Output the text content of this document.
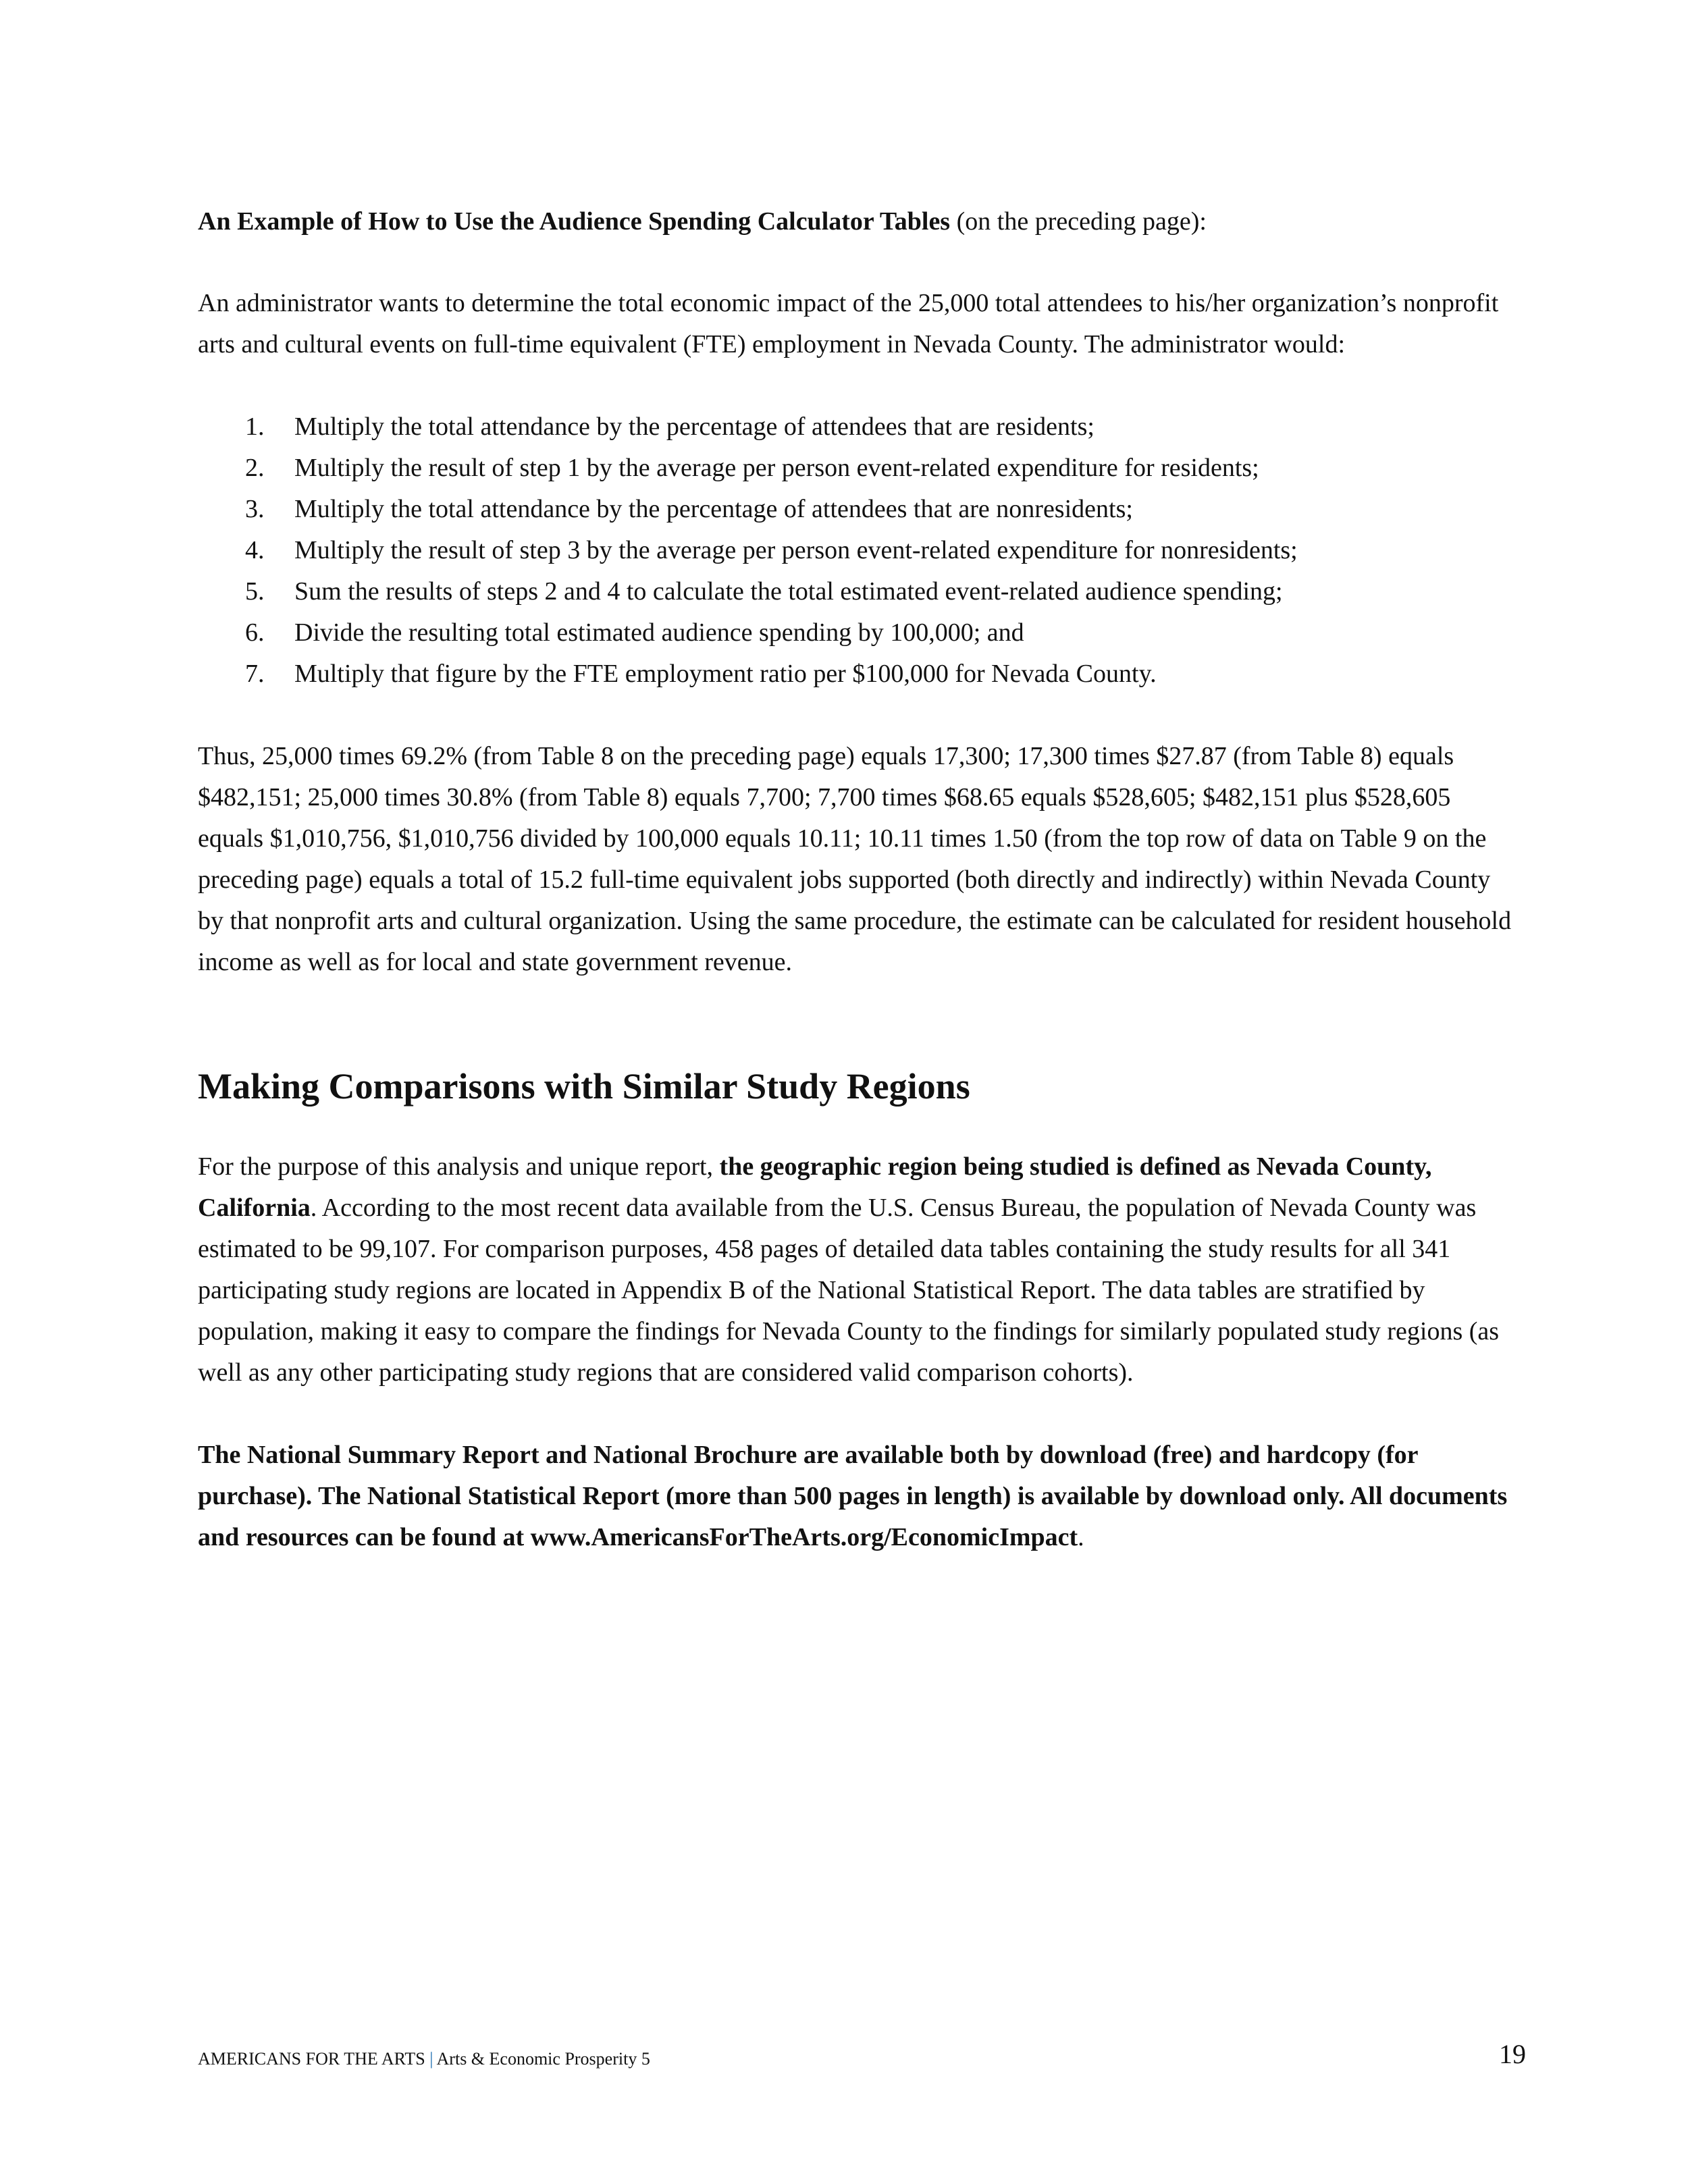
An Example of How to Use the Audience Spending Calculator Tables (on the preceding page):

An administrator wants to determine the total economic impact of the 25,000 total attendees to his/her organization’s nonprofit arts and cultural events on full-time equivalent (FTE) employment in Nevada County. The administrator would:

1.	Multiply the total attendance by the percentage of attendees that are residents;
2.	Multiply the result of step 1 by the average per person event-related expenditure for residents;
3.	Multiply the total attendance by the percentage of attendees that are nonresidents;
4.	Multiply the result of step 3 by the average per person event-related expenditure for nonresidents;
5.	Sum the results of steps 2 and 4 to calculate the total estimated event-related audience spending;
6.	Divide the resulting total estimated audience spending by 100,000; and
7.	Multiply that figure by the FTE employment ratio per $100,000 for Nevada County.

Thus, 25,000 times 69.2% (from Table 8 on the preceding page) equals 17,300; 17,300 times $27.87 (from Table 8) equals $482,151; 25,000 times 30.8% (from Table 8) equals 7,700; 7,700 times $68.65 equals $528,605; $482,151 plus $528,605 equals $1,010,756, $1,010,756 divided by 100,000 equals 10.11; 10.11 times 1.50 (from the top row of data on Table 9 on the preceding page) equals a total of 15.2 full-time equivalent jobs supported (both directly and indirectly) within Nevada County by that nonprofit arts and cultural organization. Using the same procedure, the estimate can be calculated for resident household income as well as for local and state government revenue.

Making Comparisons with Similar Study Regions

For the purpose of this analysis and unique report, the geographic region being studied is defined as Nevada County, California. According to the most recent data available from the U.S. Census Bureau, the population of Nevada County was estimated to be 99,107. For comparison purposes, 458 pages of detailed data tables containing the study results for all 341 participating study regions are located in Appendix B of the National Statistical Report. The data tables are stratified by population, making it easy to compare the findings for Nevada County to the findings for similarly populated study regions (as well as any other participating study regions that are considered valid comparison cohorts).

The National Summary Report and National Brochure are available both by download (free) and hardcopy (for purchase). The National Statistical Report (more than 500 pages in length) is available by download only. All documents and resources can be found at www.AmericansForTheArts.org/EconomicImpact.

AMERICANS FOR THE ARTS | Arts & Economic Prosperity 5	19
